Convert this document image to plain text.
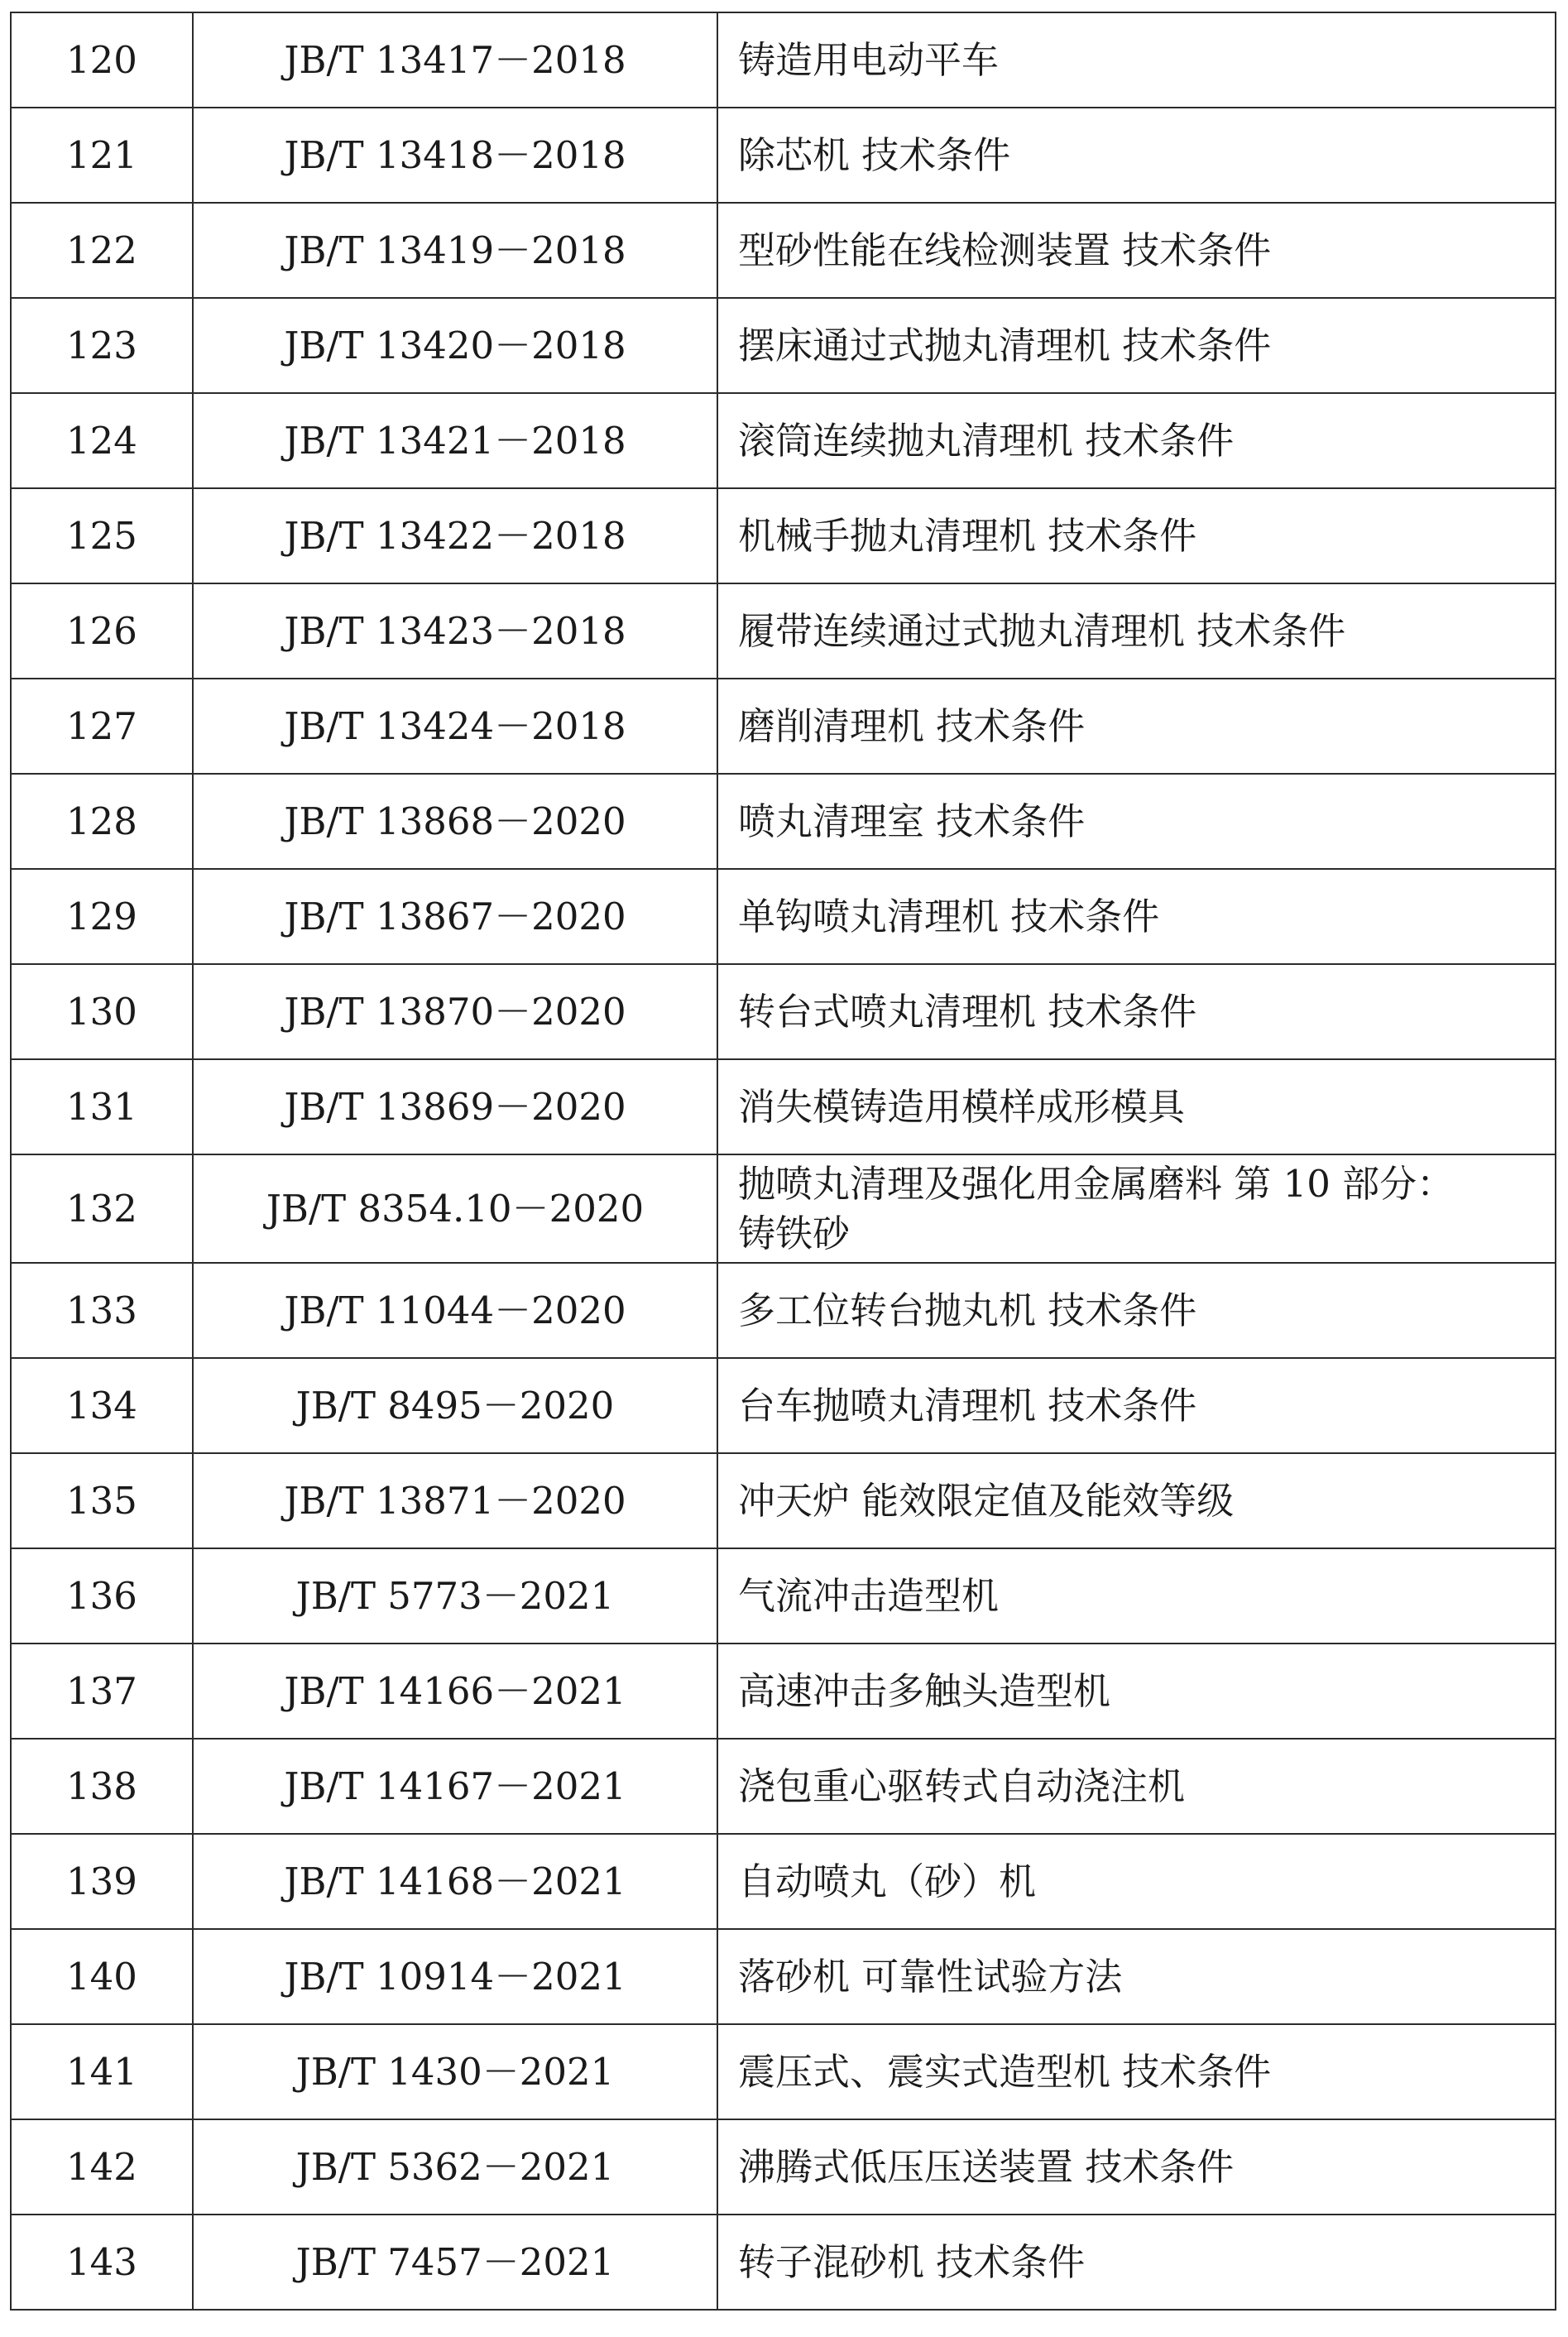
120	JB/T 13417－2018	铸造用电动平车
121	JB/T 13418－2018	除芯机 技术条件
122	JB/T 13419－2018	型砂性能在线检测装置 技术条件
123	JB/T 13420－2018	摆床通过式抛丸清理机 技术条件
124	JB/T 13421－2018	滚筒连续抛丸清理机 技术条件
125	JB/T 13422－2018	机械手抛丸清理机 技术条件
126	JB/T 13423－2018	履带连续通过式抛丸清理机 技术条件
127	JB/T 13424－2018	磨削清理机 技术条件
128	JB/T 13868－2020	喷丸清理室 技术条件
129	JB/T 13867－2020	单钩喷丸清理机 技术条件
130	JB/T 13870－2020	转台式喷丸清理机 技术条件
131	JB/T 13869－2020	消失模铸造用模样成形模具
132	JB/T 8354.10－2020	抛喷丸清理及强化用金属磨料 第 10 部分：
铸铁砂
133	JB/T 11044－2020	多工位转台抛丸机 技术条件
134	JB/T 8495－2020	台车抛喷丸清理机 技术条件
135	JB/T 13871－2020	冲天炉 能效限定值及能效等级
136	JB/T 5773－2021	气流冲击造型机
137	JB/T 14166－2021	高速冲击多触头造型机
138	JB/T 14167－2021	浇包重心驱转式自动浇注机
139	JB/T 14168－2021	自动喷丸（砂）机
140	JB/T 10914－2021	落砂机 可靠性试验方法
141	JB/T 1430－2021	震压式、震实式造型机 技术条件
142	JB/T 5362－2021	沸腾式低压压送装置 技术条件
143	JB/T 7457－2021	转子混砂机 技术条件
